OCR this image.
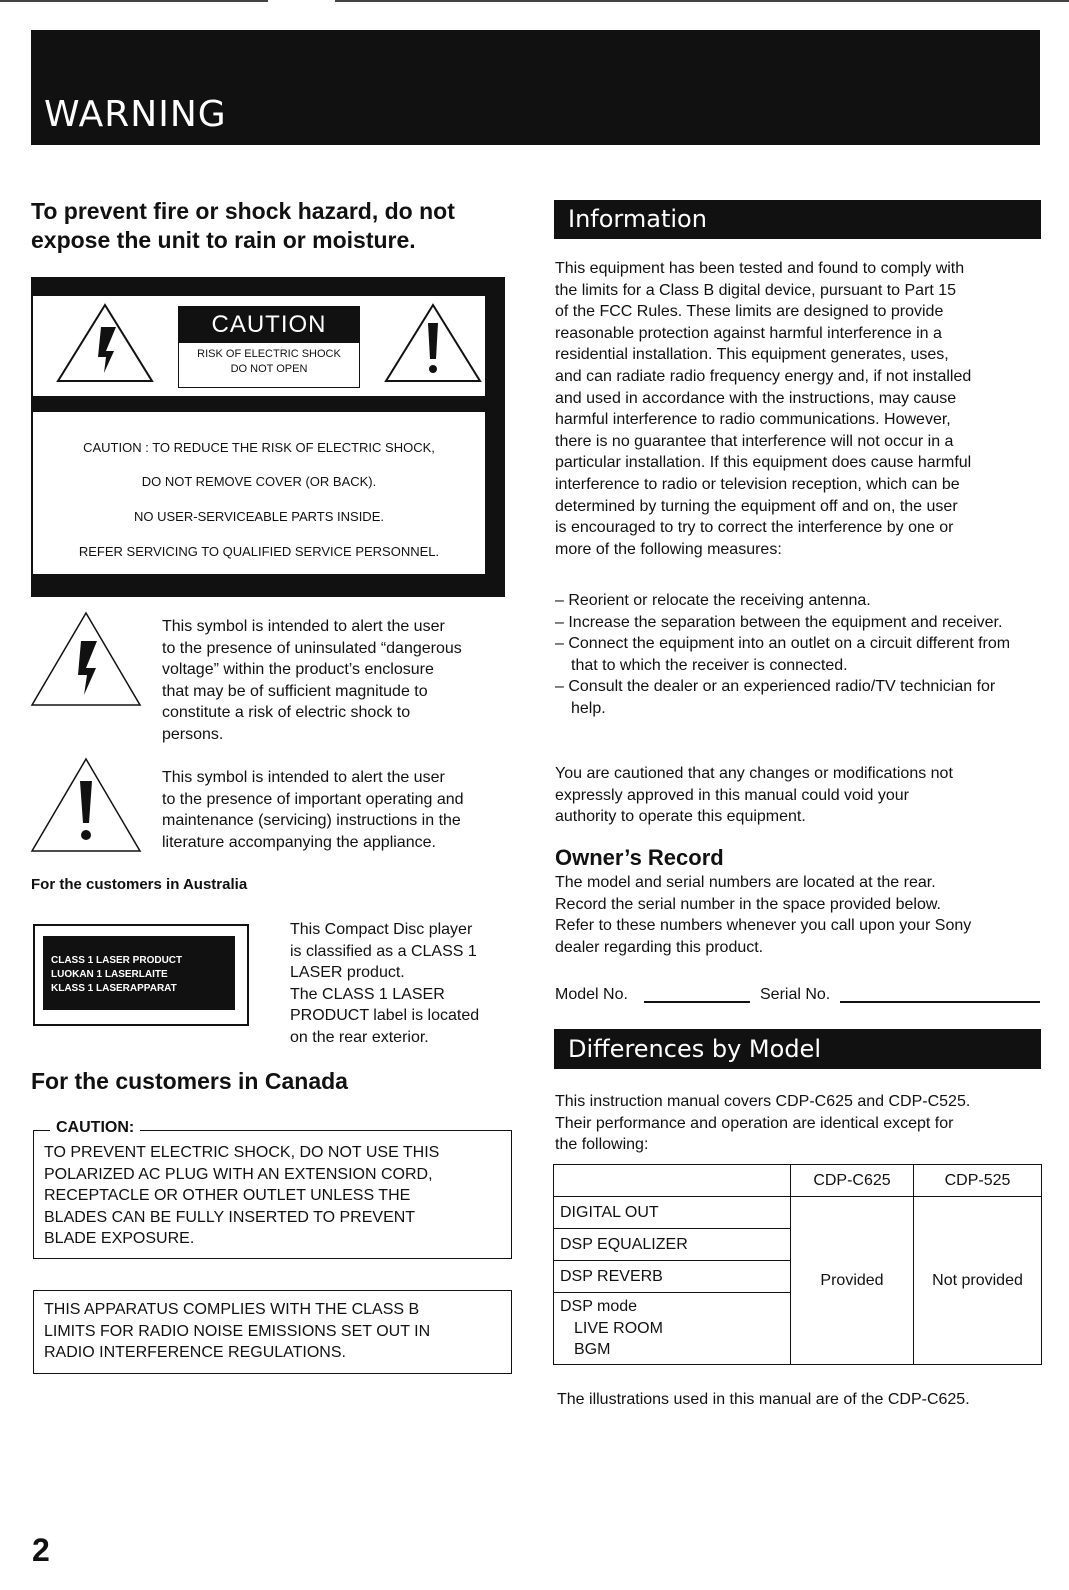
WARNING
To prevent fire or shock hazard, do not
expose the unit to rain or moisture.
CAUTION
RISK OF ELECTRIC SHOCK
DO NOT OPEN
CAUTION : TO REDUCE THE RISK OF ELECTRIC SHOCK,
DO NOT REMOVE COVER (OR BACK).
NO USER-SERVICEABLE PARTS INSIDE.
REFER SERVICING TO QUALIFIED SERVICE PERSONNEL.

This symbol is intended to alert the user

to the presence of uninsulated “dangerous

voltage” within the product’s enclosure

that may be of sufficient magnitude to

constitute a risk of electric shock to

persons.

This symbol is intended to alert the user

to the presence of important operating and

maintenance (servicing) instructions in the

literature accompanying the appliance.

For the customers in Australia
CLASS 1 LASER PRODUCT
LUOKAN 1 LASERLAITE
KLASS 1 LASERAPPARAT

This Compact Disc player

is classified as a CLASS 1

LASER product.

The CLASS 1 LASER

PRODUCT label is located

on the rear exterior.

For the customers in Canada

TO PREVENT ELECTRIC SHOCK, DO NOT USE THIS

POLARIZED AC PLUG WITH AN EXTENSION CORD,

RECEPTACLE OR OTHER OUTLET UNLESS THE

BLADES CAN BE FULLY INSERTED TO PREVENT

BLADE EXPOSURE.

CAUTION:

THIS APPARATUS COMPLIES WITH THE CLASS B

LIMITS FOR RADIO NOISE EMISSIONS SET OUT IN

RADIO INTERFERENCE REGULATIONS.

Information

This equipment has been tested and found to comply with

the limits for a Class B digital device, pursuant to Part 15

of the FCC Rules. These limits are designed to provide

reasonable protection against harmful interference in a

residential installation. This equipment generates, uses,

and can radiate radio frequency energy and, if not installed

and used in accordance with the instructions, may cause

harmful interference to radio communications. However,

there is no guarantee that interference will not occur in a

particular installation. If this equipment does cause harmful

interference to radio or television reception, which can be

determined by turning the equipment off and on, the user

is encouraged to try to correct the interference by one or

more of the following measures:

– Reorient or relocate the receiving antenna.
– Increase the separation between the equipment and receiver.
– Connect the equipment into an outlet on a circuit different from that to which the receiver is connected.
– Consult the dealer or an experienced radio/TV technician for help.

You are cautioned that any changes or modifications not

expressly approved in this manual could void your

authority to operate this equipment.

Owner’s Record

The model and serial numbers are located at the rear.

Record the serial number in the space provided below.

Refer to these numbers whenever you call upon your Sony

dealer regarding this product.

Model No.	Serial No.
Differences by Model

This instruction manual covers CDP-C625 and CDP-C525.

Their performance and operation are identical except for

the following:

	CDP-C625	CDP-525
DIGITAL OUT	Provided	Not provided
DSP EQUALIZER		
DSP REVERB		

DSP mode
LIVE ROOM
BGM		
The illustrations used in this manual are of the CDP-C625.
2
